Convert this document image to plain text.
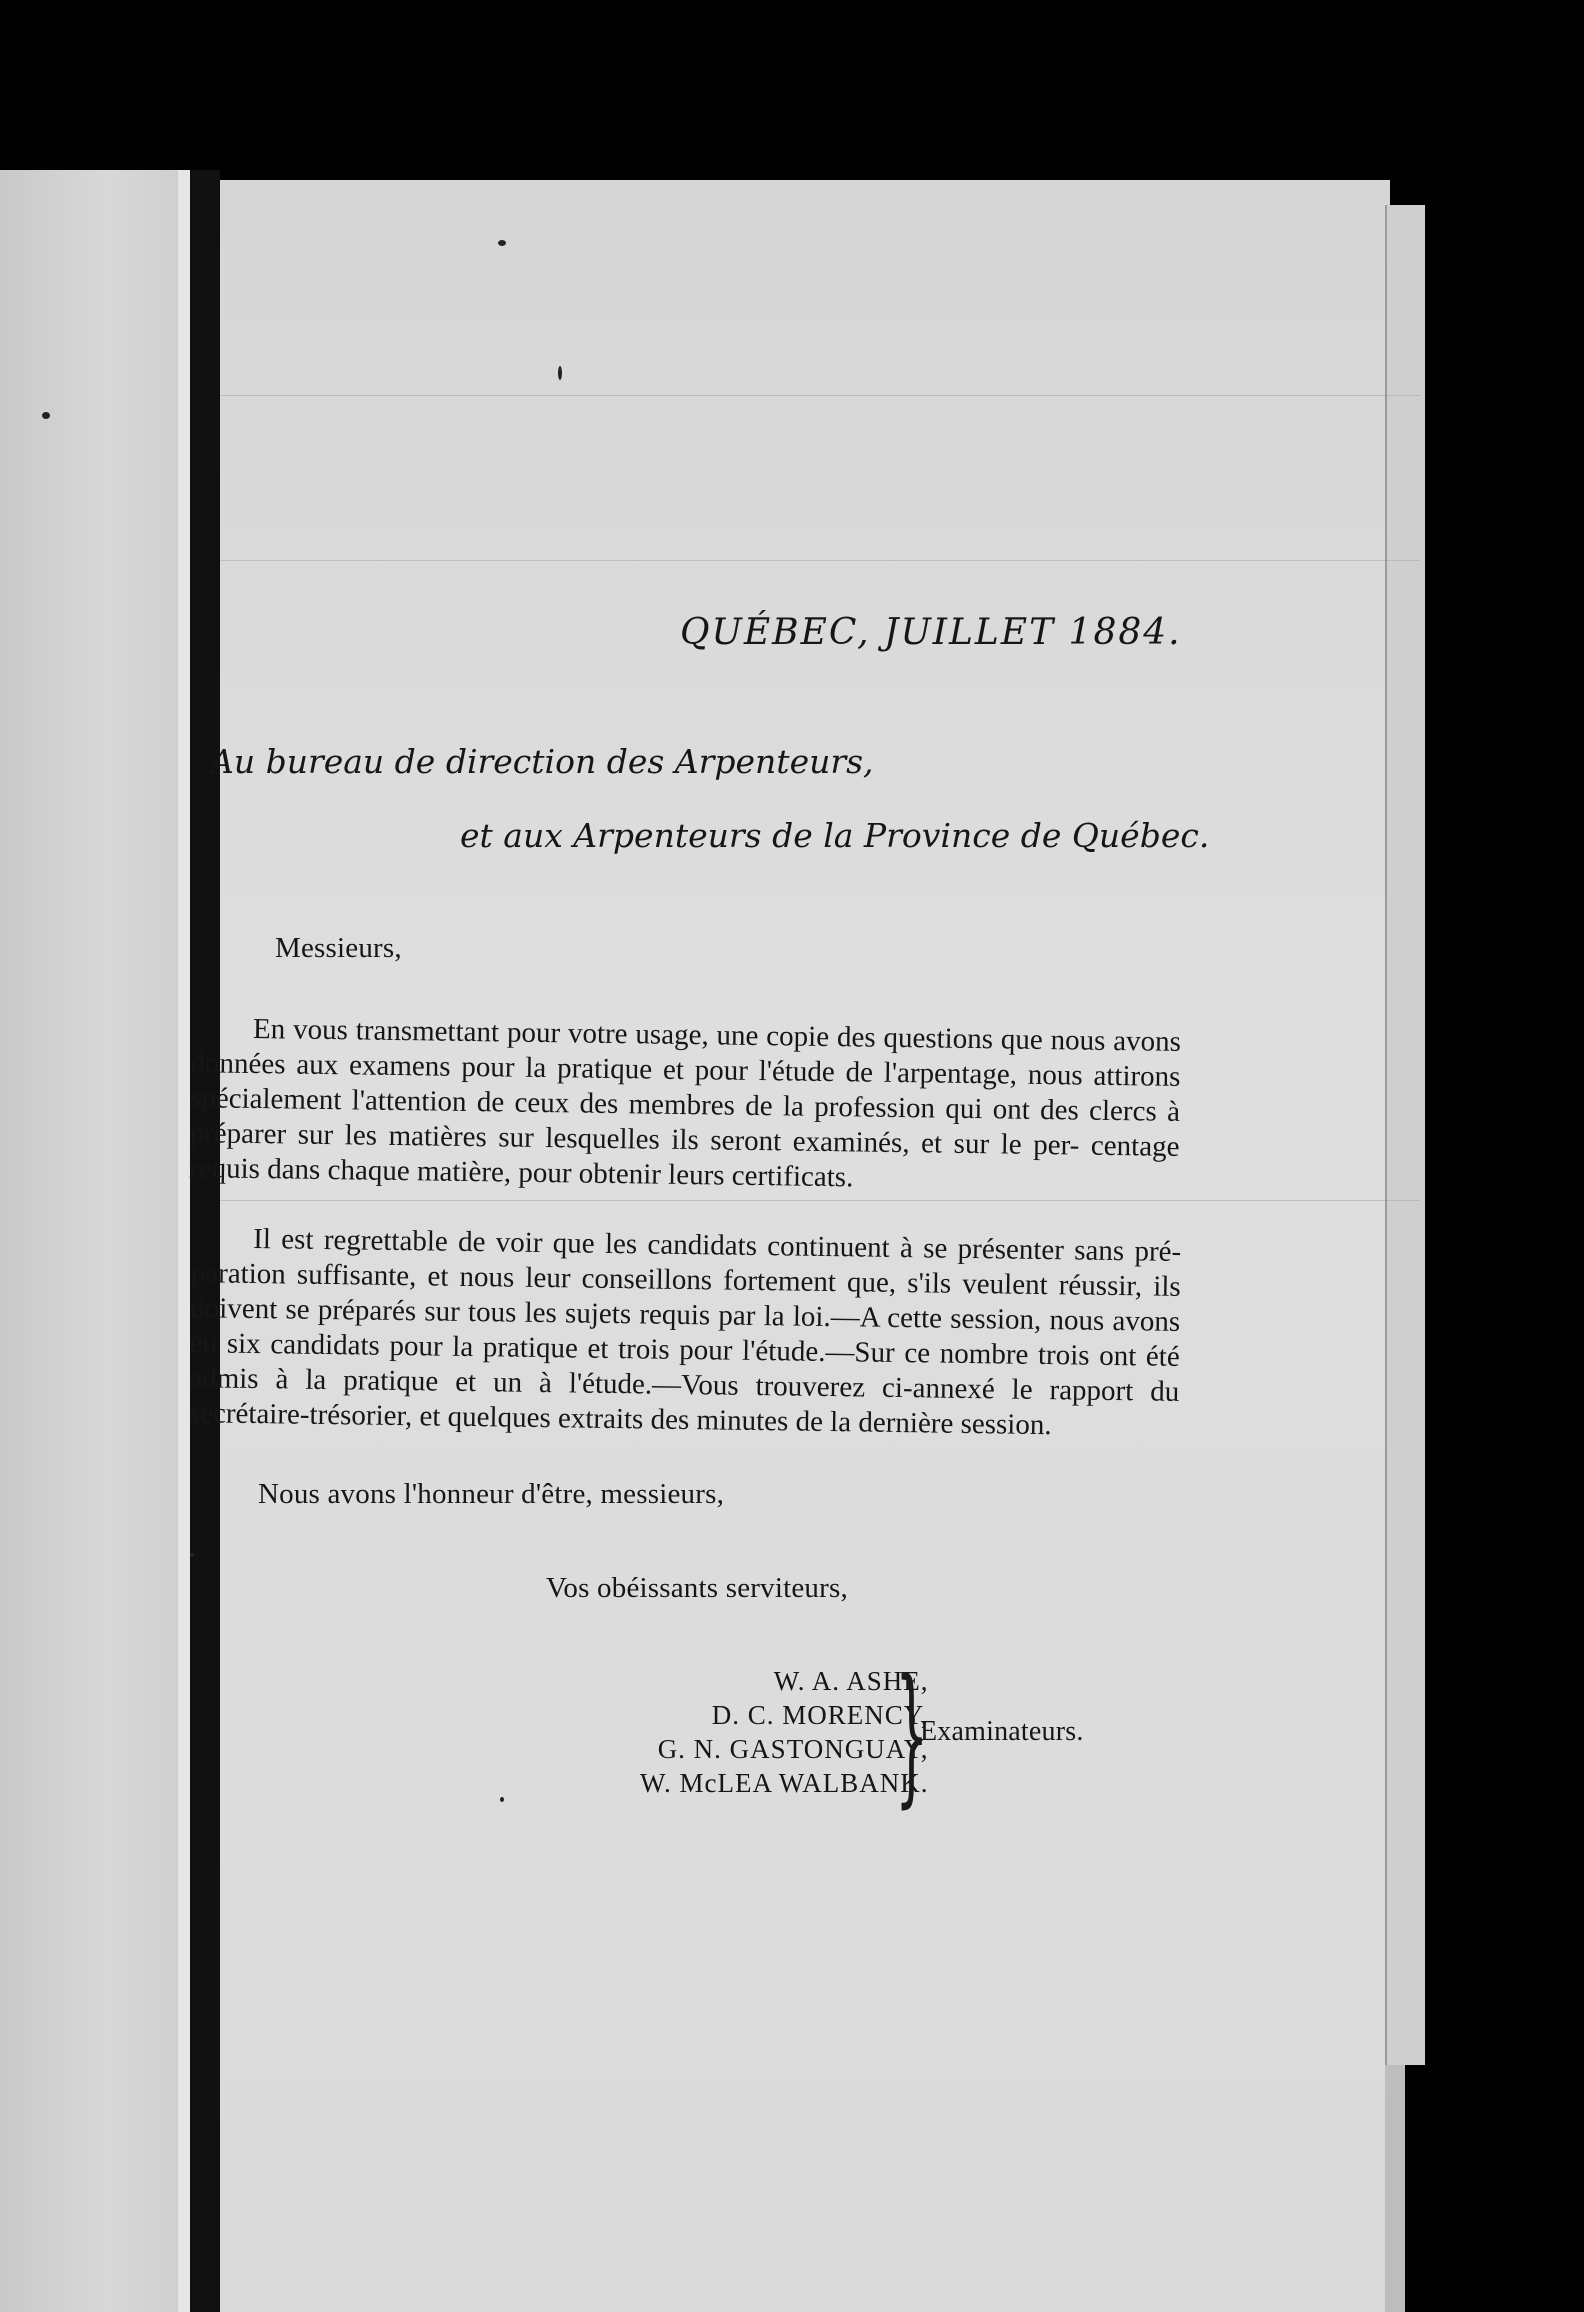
QUÉBEC, JUILLET 1884.

Au bureau de direction des Arpenteurs,

et aux Arpenteurs de la Province de Québec.

Messieurs,

En vous transmettant pour votre usage, une copie des questions que nous avons données aux examens pour la pratique et pour l'étude de l'arpentage, nous attirons spécialement l'attention de ceux des membres de la profession qui ont des clercs à préparer sur les matières sur lesquelles ils seront examinés, et sur le per- centage requis dans chaque matière, pour obtenir leurs certificats.

Il est regrettable de voir que les candidats continuent à se présenter sans pré- paration suffisante, et nous leur conseillons fortement que, s'ils veulent réussir, ils doivent se préparés sur tous les sujets requis par la loi.—A cette session, nous avons eu six candidats pour la pratique et trois pour l'étude.—Sur ce nombre trois ont été admis à la pratique et un à l'étude.—Vous trouverez ci-annexé le rapport du secrétaire-trésorier, et quelques extraits des minutes de la dernière session.

Nous avons l'honneur d'être, messieurs,

Vos obéissants serviteurs,

W. A. ASHE,
D. C. MORENCY,
G. N. GASTONGUAY,
W. McLEA WALBANK.
}

Examinateurs.
